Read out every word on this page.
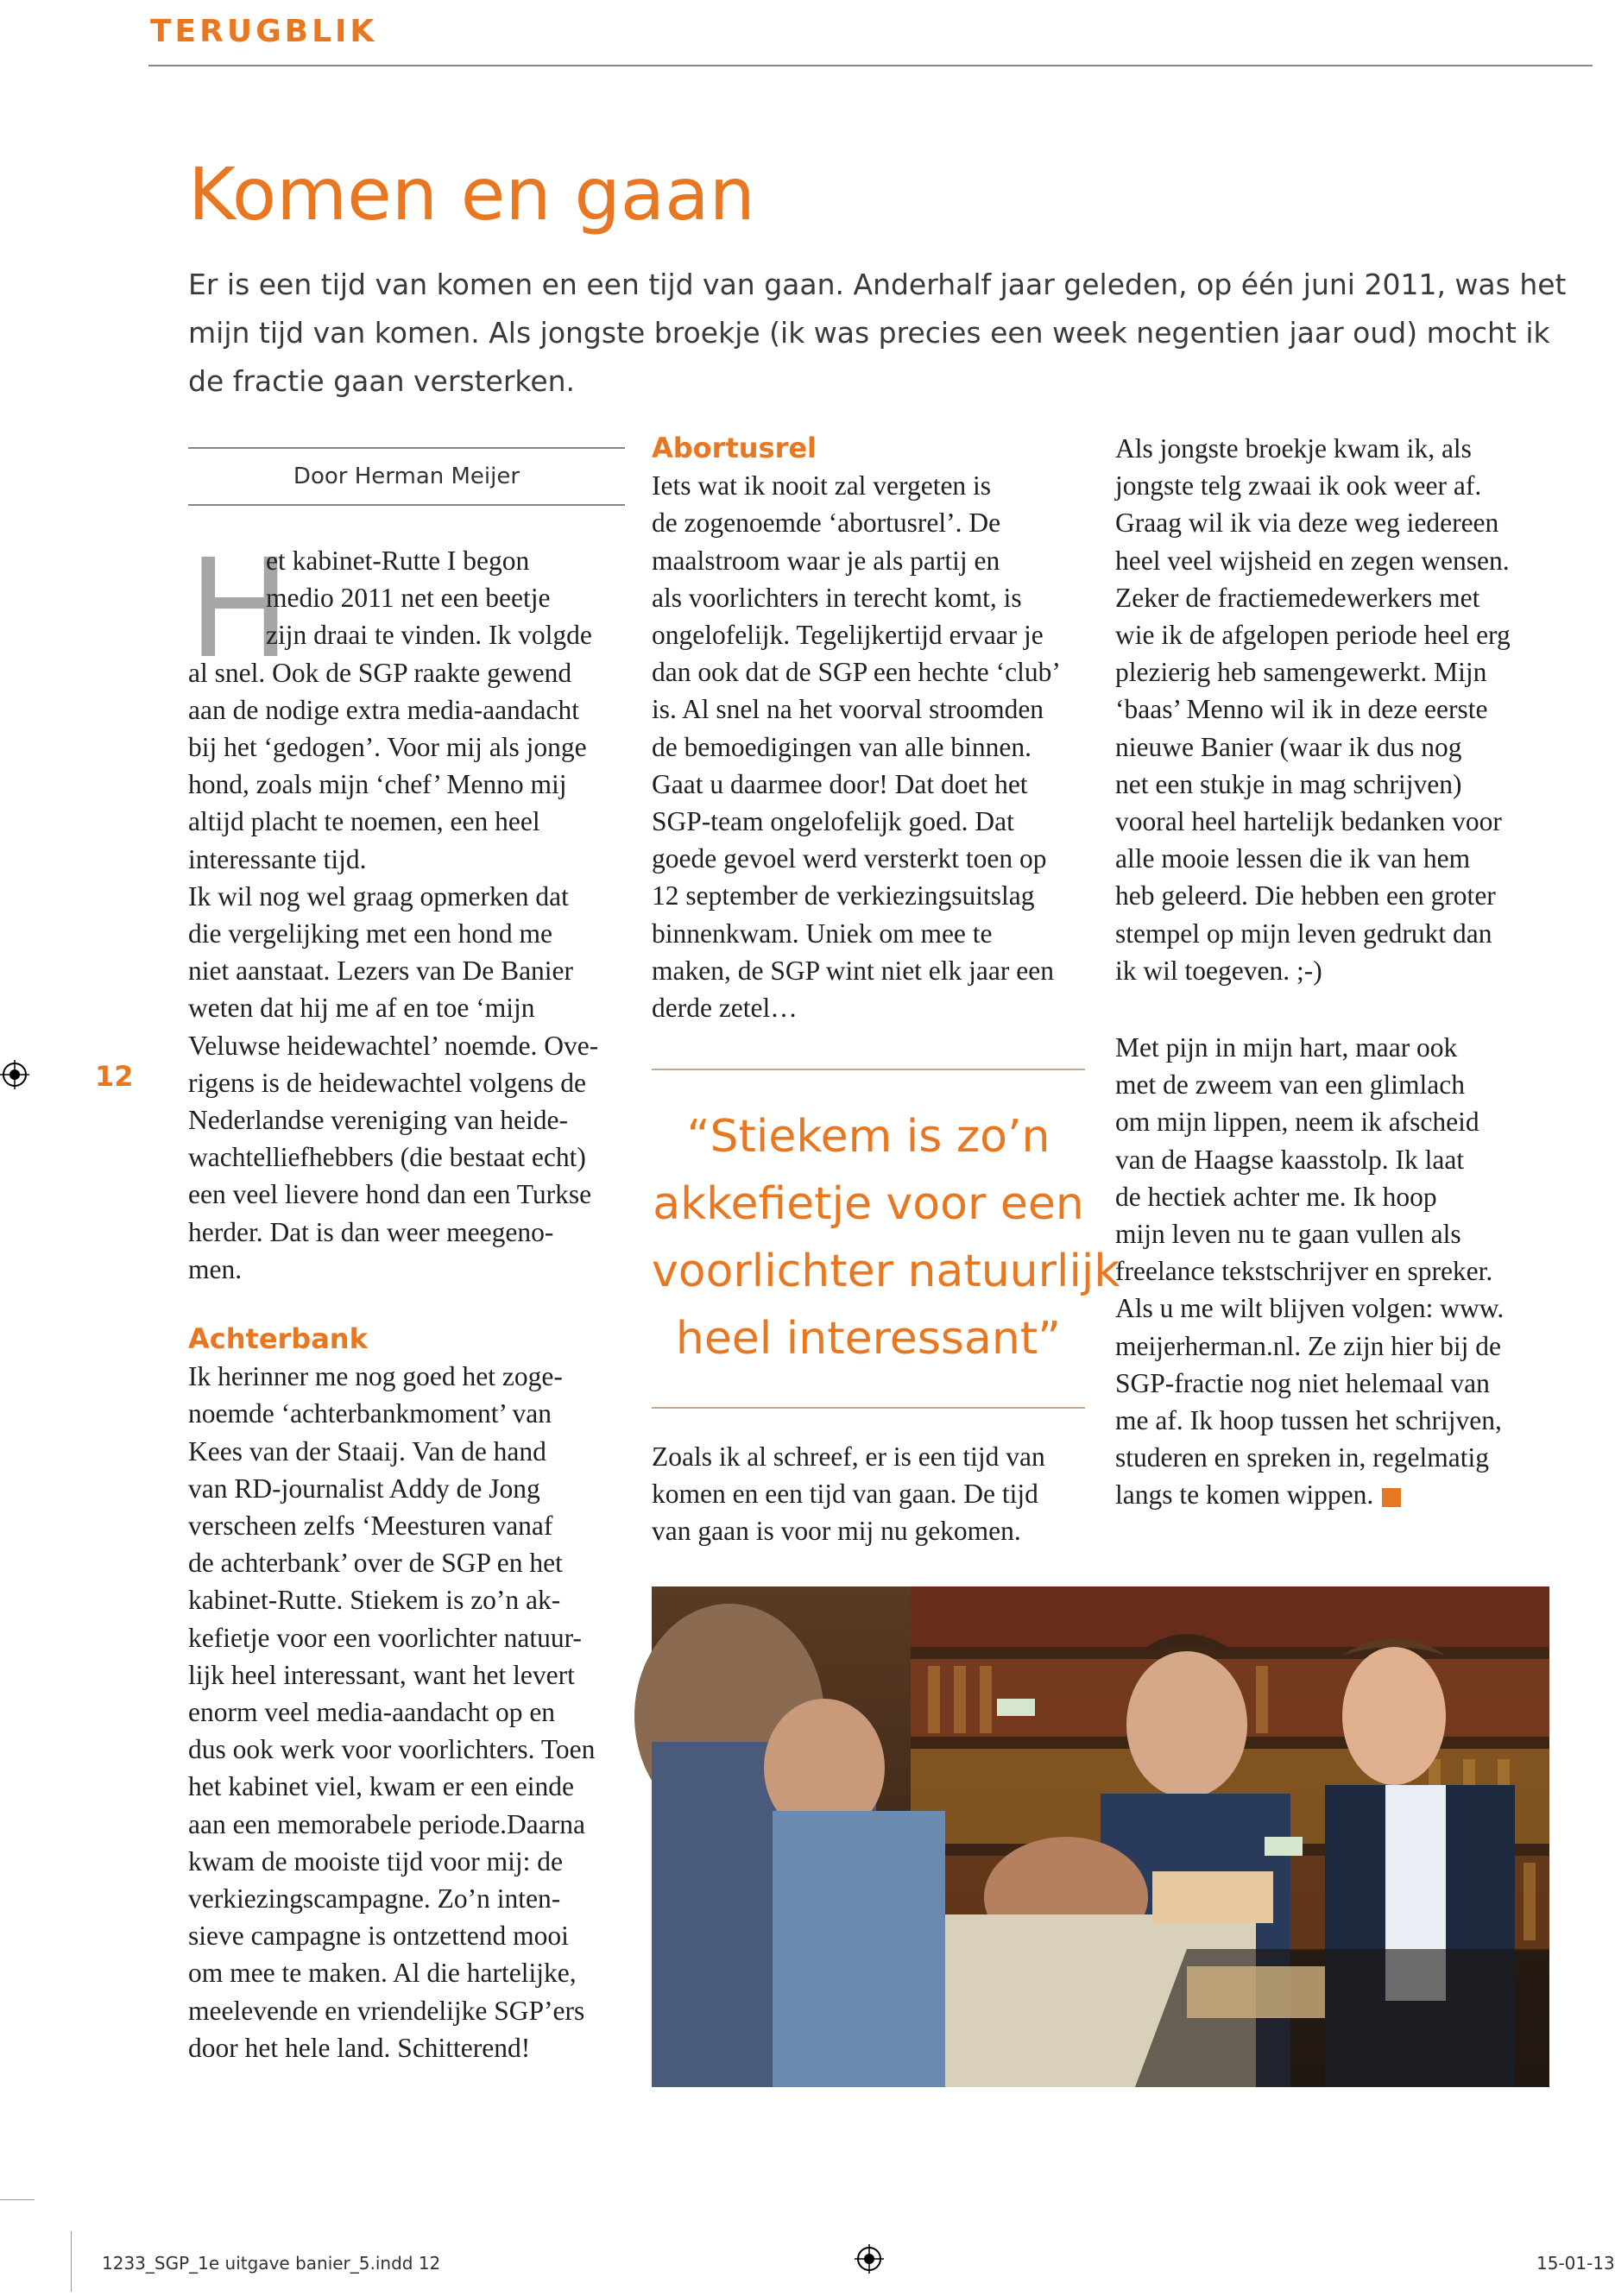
TERUGBLIK
Komen en gaan
Er is een tijd van komen en een tijd van gaan. Anderhalf jaar geleden, op één juni 2011, was het
mijn tijd van komen. Als jongste broekje (ik was precies een week negentien jaar oud) mocht ik
de fractie gaan versterken.
Door Herman Meijer
H
et kabinet-Rutte I begon
medio 2011 net een beetje
zijn draai te vinden. Ik volgde
al snel. Ook de SGP raakte gewend
aan de nodige extra media-aandacht
bij het ‘gedogen’. Voor mij als jonge
hond, zoals mijn ‘chef’ Menno mij
altijd placht te noemen, een heel
interessante tijd.
Ik wil nog wel graag opmerken dat
die vergelijking met een hond me
niet aanstaat. Lezers van De Banier
weten dat hij me af en toe ‘mijn
Veluwse heidewachtel’ noemde. Ove-
rigens is de heidewachtel volgens de
Nederlandse vereniging van heide-
wachtelliefhebbers (die bestaat echt)
een veel lievere hond dan een Turkse
herder. Dat is dan weer meegeno-
men.
Achterbank
Ik herinner me nog goed het zoge-
noemde ‘achterbankmoment’ van
Kees van der Staaij. Van de hand
van RD-journalist Addy de Jong
verscheen zelfs ‘Meesturen vanaf
de achterbank’ over de SGP en het
kabinet-Rutte. Stiekem is zo’n ak-
kefietje voor een voorlichter natuur-
lijk heel interessant, want het levert
enorm veel media-aandacht op en
dus ook werk voor voorlichters. Toen
het kabinet viel, kwam er een einde
aan een memorabele periode.Daarna
kwam de mooiste tijd voor mij: de
verkiezingscampagne. Zo’n inten-
sieve campagne is ontzettend mooi
om mee te maken. Al die hartelijke,
meelevende en vriendelijke SGP’ers
door het hele land. Schitterend!
Abortusrel
Iets wat ik nooit zal vergeten is
de zogenoemde ‘abortusrel’. De
maalstroom waar je als partij en
als voorlichters in terecht komt, is
ongelofelijk. Tegelijkertijd ervaar je
dan ook dat de SGP een hechte ‘club’
is. Al snel na het voorval stroomden
de bemoedigingen van alle binnen.
Gaat u daarmee door! Dat doet het
SGP-team ongelofelijk goed. Dat
goede gevoel werd versterkt toen op
12 september de verkiezingsuitslag
binnenkwam. Uniek om mee te
maken, de SGP wint niet elk jaar een
derde zetel…
“Stiekem is zo’n
akkefietje voor een
voorlichter natuurlijk
heel interessant”
Zoals ik al schreef, er is een tijd van
komen en een tijd van gaan. De tijd
van gaan is voor mij nu gekomen.
Als jongste broekje kwam ik, als
jongste telg zwaai ik ook weer af.
Graag wil ik via deze weg iedereen
heel veel wijsheid en zegen wensen.
Zeker de fractiemedewerkers met
wie ik de afgelopen periode heel erg
plezierig heb samengewerkt. Mijn
‘baas’ Menno wil ik in deze eerste
nieuwe Banier (waar ik dus nog
net een stukje in mag schrijven)
vooral heel hartelijk bedanken voor
alle mooie lessen die ik van hem
heb geleerd. Die hebben een groter
stempel op mijn leven gedrukt dan
ik wil toegeven. ;-)
Met pijn in mijn hart, maar ook
met de zweem van een glimlach
om mijn lippen, neem ik afscheid
van de Haagse kaasstolp. Ik laat
de hectiek achter me. Ik hoop
mijn leven nu te gaan vullen als
freelance tekstschrijver en spreker.
Als u me wilt blijven volgen: www.
meijerherman.nl. Ze zijn hier bij de
SGP-fractie nog niet helemaal van
me af. Ik hoop tussen het schrijven,
studeren en spreken in, regelmatig
langs te komen wippen.
12
1233_SGP_1e uitgave banier_5.indd 12	15-01-13
